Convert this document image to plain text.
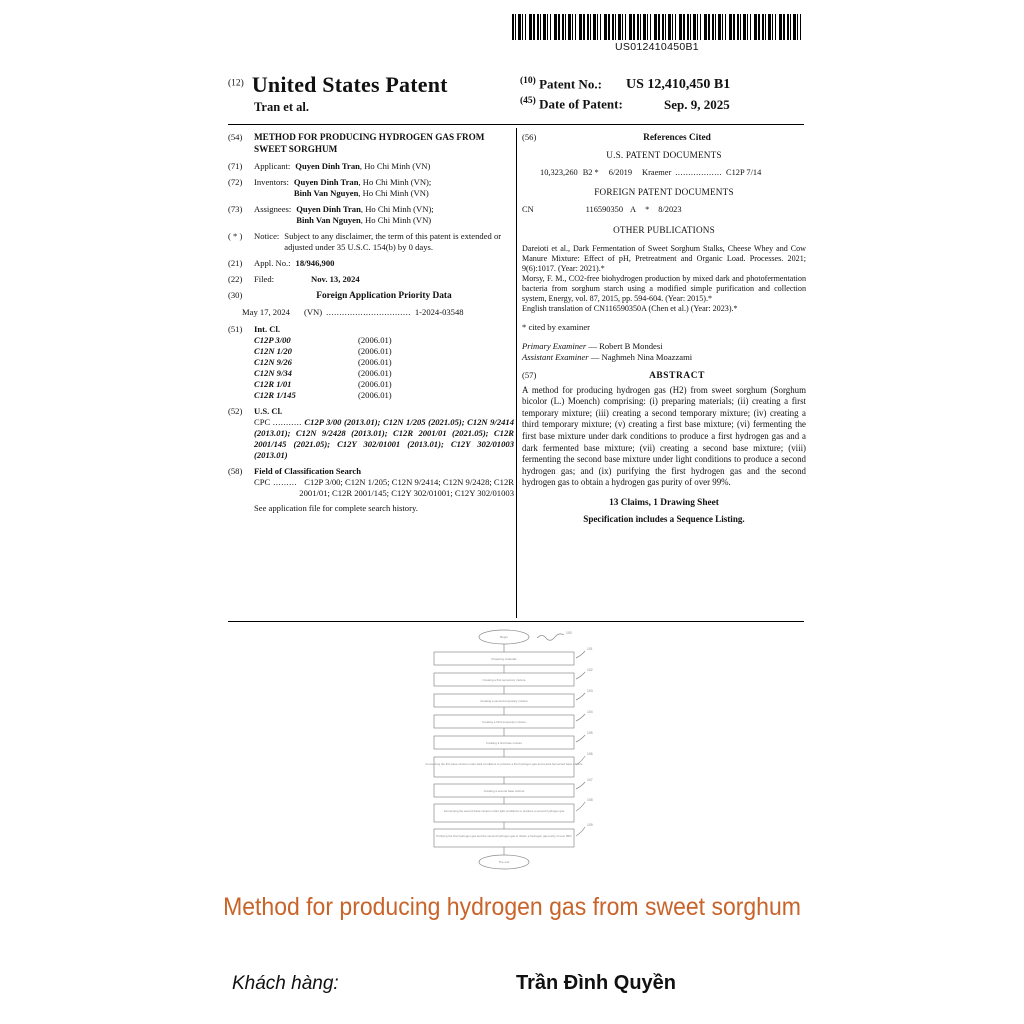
US012410450B1
$^{(12)}$ United States Patent
Tran et al.
$^{(10)}$ Patent No.:	US 12,410,450 B1
$^{(45)}$ Date of Patent:	Sep. 9, 2025
(54)	METHOD FOR PRODUCING HYDROGEN GAS FROM SWEET SORGHUM
(71)	Applicant: Quyen Dinh Tran, Ho Chi Minh (VN)
(72)	Inventors: Quyen Dinh Tran, Ho Chi Minh (VN);
Binh Van Nguyen, Ho Chi Minh (VN)
(73)	Assignees: Quyen Dinh Tran, Ho Chi Minh (VN);
Binh Van Nguyen, Ho Chi Minh (VN)
( * )	Notice: Subject to any disclaimer, the term of this patent is extended or adjusted under 35 U.S.C. 154(b) by 0 days.
(21)	Appl. No.: 18/946,900
(22)	Filed:	Nov. 13, 2024
(30)	Foreign Application Priority Data
May 17, 2024 (VN) ................................ 1-2024-03548
(51)	Int. Cl.
C12P 3/00	(2006.01)
C12N 1/20	(2006.01)
C12N 9/26	(2006.01)
C12N 9/34	(2006.01)
C12R 1/01	(2006.01)
C12R 1/145	(2006.01)
(52)	U.S. Cl.
CPC ........... C12P 3/00 (2013.01); C12N 1/205 (2021.05); C12N 9/2414 (2013.01); C12N 9/2428 (2013.01); C12R 2001/01 (2021.05); C12R 2001/145 (2021.05); C12Y 302/01001 (2013.01); C12Y 302/01003 (2013.01)
(58)	Field of Classification Search
CPC ......... C12P 3/00; C12N 1/205; C12N 9/2414; C12N 9/2428; C12R 2001/01; C12R 2001/145; C12Y 302/01001; C12Y 302/01003
See application file for complete search history.
(56)	References Cited
U.S. PATENT DOCUMENTS
10,323,260 B2 * 6/2019 Kraemer .................. C12P 7/14
FOREIGN PATENT DOCUMENTS
CN	116590350 A * 8/2023
OTHER PUBLICATIONS
Dareioti et al., Dark Fermentation of Sweet Sorghum Stalks, Cheese Whey and Cow Manure Mixture: Effect of pH, Pretreatment and Organic Load. Processes. 2021; 9(6):1017. (Year: 2021).*
Morsy, F. M., CO2-free biohydrogen production by mixed dark and photofermentation bacteria from sorghum starch using a modified simple purification and collection system, Energy, vol. 87, 2015, pp. 594-604. (Year: 2015).*
English translation of CN116590350A (Chen et al.) (Year: 2023).*
* cited by examiner
Primary Examiner — Robert B Mondesi
Assistant Examiner — Naghmeh Nina Moazzami
(57)	ABSTRACT
A method for producing hydrogen gas (H2) from sweet sorghum (Sorghum bicolor (L.) Moench) comprising: (i) preparing materials; (ii) creating a first temporary mixture; (iii) creating a second temporary mixture; (iv) creating a third temporary mixture; (v) creating a first base mixture; (vi) fermenting the first base mixture under dark conditions to produce a first hydrogen gas and a dark fermented base mixture; (vii) creating a second base mixture; (viii) fermenting the second base mixture under light conditions to produce a second hydrogen gas; and (ix) purifying the first hydrogen gas and the second hydrogen gas to obtain a hydrogen gas purity of over 99%.
13 Claims, 1 Drawing Sheet
Specification includes a Sequence Listing.
Begin
Preparing materials
Creating a first temporary mixture
Creating a second temporary mixture
Creating a third temporary mixture
Creating a first base mixture
Fermenting the first base mixture under dark conditions to produce a first hydrogen gas and a dark fermented base mixture
Creating a second base mixture
Fermenting the second base mixture under light conditions to produce a second hydrogen gas
Purifying the first hydrogen gas and the second hydrogen gas to obtain a hydrogen gas purity of over 99%
The end
100
101
102
103
104
105
106
107
108
109
Method for producing hydrogen gas from sweet sorghum
Khách hàng:	Trần Đình Quyền
